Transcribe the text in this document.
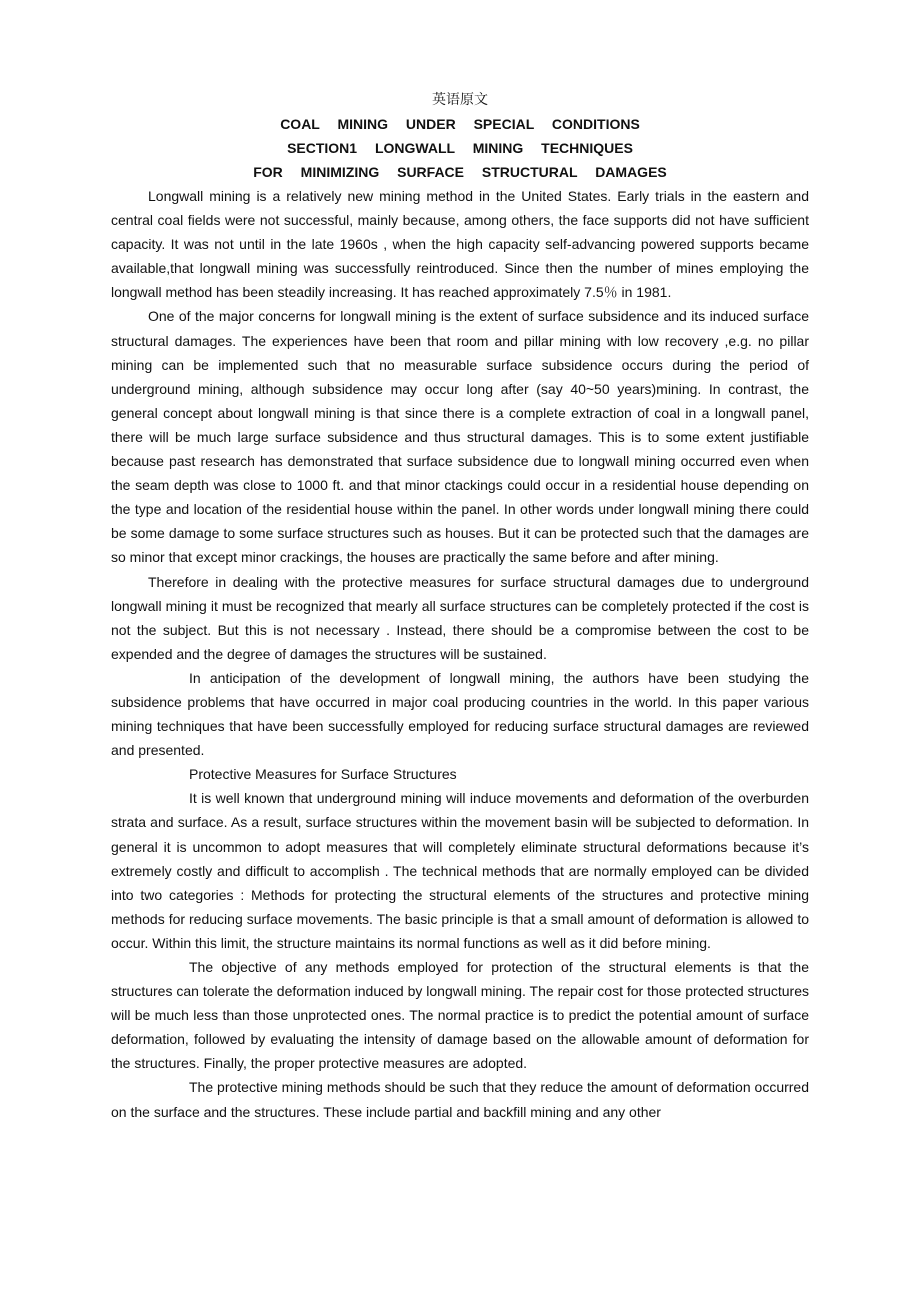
英语原文
COAL MINING UNDER SPECIAL CONDITIONS
SECTION1 LONGWALL MINING TECHNIQUES
FOR MINIMIZING SURFACE STRUCTURAL DAMAGES

Longwall mining is a relatively new mining method in the United States. Early trials in the eastern and central coal fields were not successful, mainly because, among others, the face supports did not have sufficient capacity. It was not until in the late 1960s , when the high capacity self-advancing powered supports became available,that longwall mining was successfully reintroduced. Since then the number of mines employing the longwall method has been steadily increasing. It has reached approximately 7.5％ in 1981.

One of the major concerns for longwall mining is the extent of surface subsidence and its induced surface structural damages. The experiences have been that room and pillar mining with low recovery ,e.g. no pillar mining can be implemented such that no measurable surface subsidence occurs during the period of underground mining, although subsidence may occur long after (say 40~50 years)mining. In contrast, the general concept about longwall mining is that since there is a complete extraction of coal in a longwall panel, there will be much large surface subsidence and thus structural damages. This is to some extent justifiable because past research has demonstrated that surface subsidence due to longwall mining occurred even when the seam depth was close to 1000 ft. and that minor ctackings could occur in a residential house depending on the type and location of the residential house within the panel. In other words under longwall mining there could be some damage to some surface structures such as houses. But it can be protected such that the damages are so minor that except minor crackings, the houses are practically the same before and after mining.

Therefore in dealing with the protective measures for surface structural damages due to underground longwall mining it must be recognized that mearly all surface structures can be completely protected if the cost is not the subject. But this is not necessary . Instead, there should be a compromise between the cost to be expended and the degree of damages the structures will be sustained.

In anticipation of the development of longwall mining, the authors have been studying the subsidence problems that have occurred in major coal producing countries in the world. In this paper various mining techniques that have been successfully employed for reducing surface structural damages are reviewed and presented.

Protective Measures for Surface Structures

It is well known that underground mining will induce movements and deformation of the overburden strata and surface. As a result, surface structures within the movement basin will be subjected to deformation. In general it is uncommon to adopt measures that will completely eliminate structural deformations because it’s extremely costly and difficult to accomplish . The technical methods that are normally employed can be divided into two categories : Methods for protecting the structural elements of the structures and protective mining methods for reducing surface movements. The basic principle is that a small amount of deformation is allowed to occur. Within this limit, the structure maintains its normal functions as well as it did before mining.

The objective of any methods employed for protection of the structural elements is that the structures can tolerate the deformation induced by longwall mining. The repair cost for those protected structures will be much less than those unprotected ones. The normal practice is to predict the potential amount of surface deformation, followed by evaluating the intensity of damage based on the allowable amount of deformation for the structures. Finally, the proper protective measures are adopted.

The protective mining methods should be such that they reduce the amount of deformation occurred on the surface and the structures. These include partial and backfill mining and any other
